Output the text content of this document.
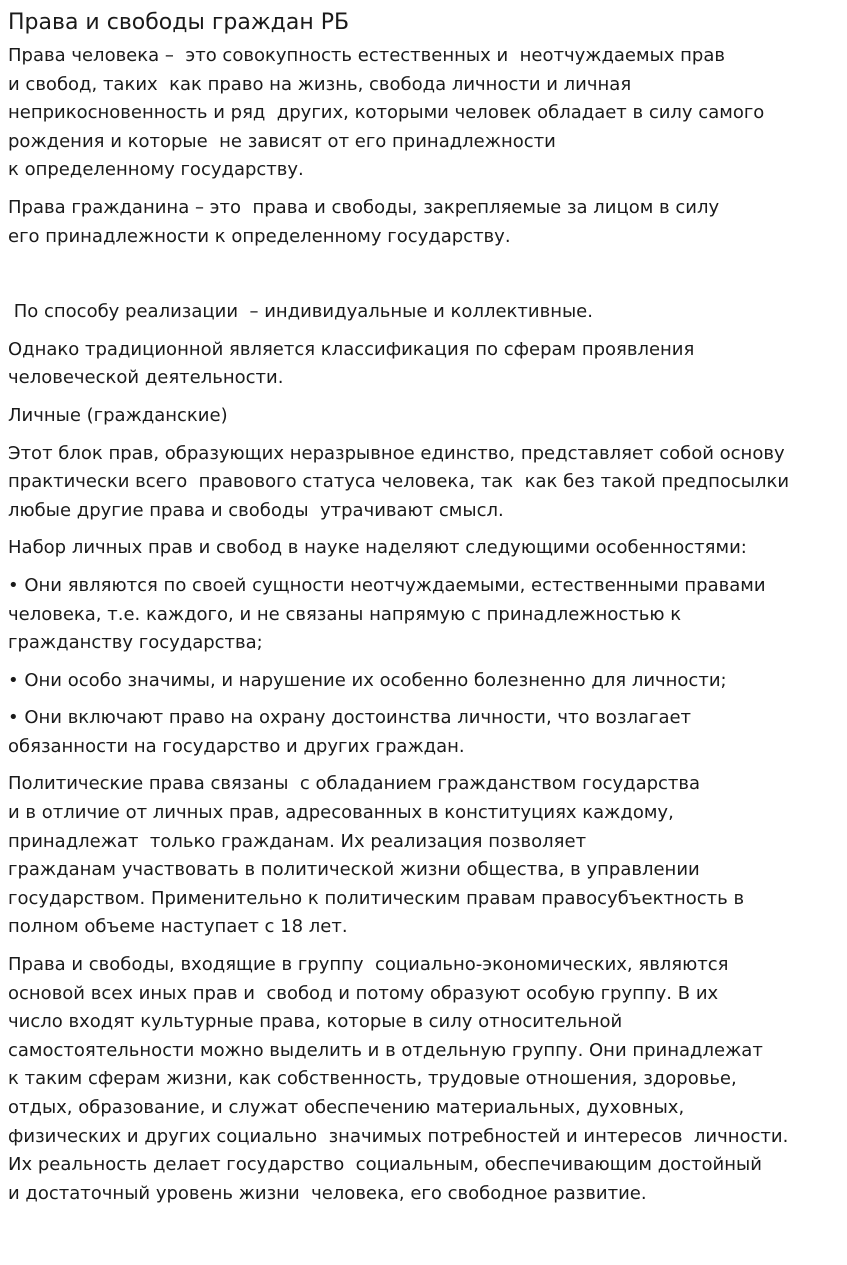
Права и свободы граждан РБ

Права человека –  это совокупность естественных и  неотчуждаемых прав
и свобод, таких  как право на жизнь, свобода личности и личная
неприкосновенность и ряд  других, которыми человек обладает в силу самого
рождения и которые  не зависят от его принадлежности
к определенному государству.

Права гражданина – это  права и свободы, закрепляемые за лицом в силу
его принадлежности к определенному государству.

По способу реализации  – индивидуальные и коллективные.

Однако традиционной является классификация по сферам проявления
человеческой деятельности.

Личные (гражданские)

Этот блок прав, образующих неразрывное единство, представляет собой основу
практически всего  правового статуса человека, так  как без такой предпосылки
любые другие права и свободы  утрачивают смысл.

Набор личных прав и свобод в науке наделяют следующими особенностями:

• Они являются по своей сущности неотчуждаемыми, естественными правами
человека, т.е. каждого, и не связаны напрямую с принадлежностью к
гражданству государства;

• Они особо значимы, и нарушение их особенно болезненно для личности;

• Они включают право на охрану достоинства личности, что возлагает
обязанности на государство и других граждан.

Политические права связаны  с обладанием гражданством государства
и в отличие от личных прав, адресованных в конституциях каждому,
принадлежат  только гражданам. Их реализация позволяет
гражданам участвовать в политической жизни общества, в управлении
государством. Применительно к политическим правам правосубъектность в
полном объеме наступает с 18 лет.

Права и свободы, входящие в группу  социально-экономических, являются
основой всех иных прав и  свобод и потому образуют особую группу. В их
число входят культурные права, которые в силу относительной
самостоятельности можно выделить и в отдельную группу. Они принадлежат
к таким сферам жизни, как собственность, трудовые отношения, здоровье,
отдых, образование, и служат обеспечению материальных, духовных,
физических и других социально  значимых потребностей и интересов  личности.
Их реальность делает государство  социальным, обеспечивающим достойный
и достаточный уровень жизни  человека, его свободное развитие.
